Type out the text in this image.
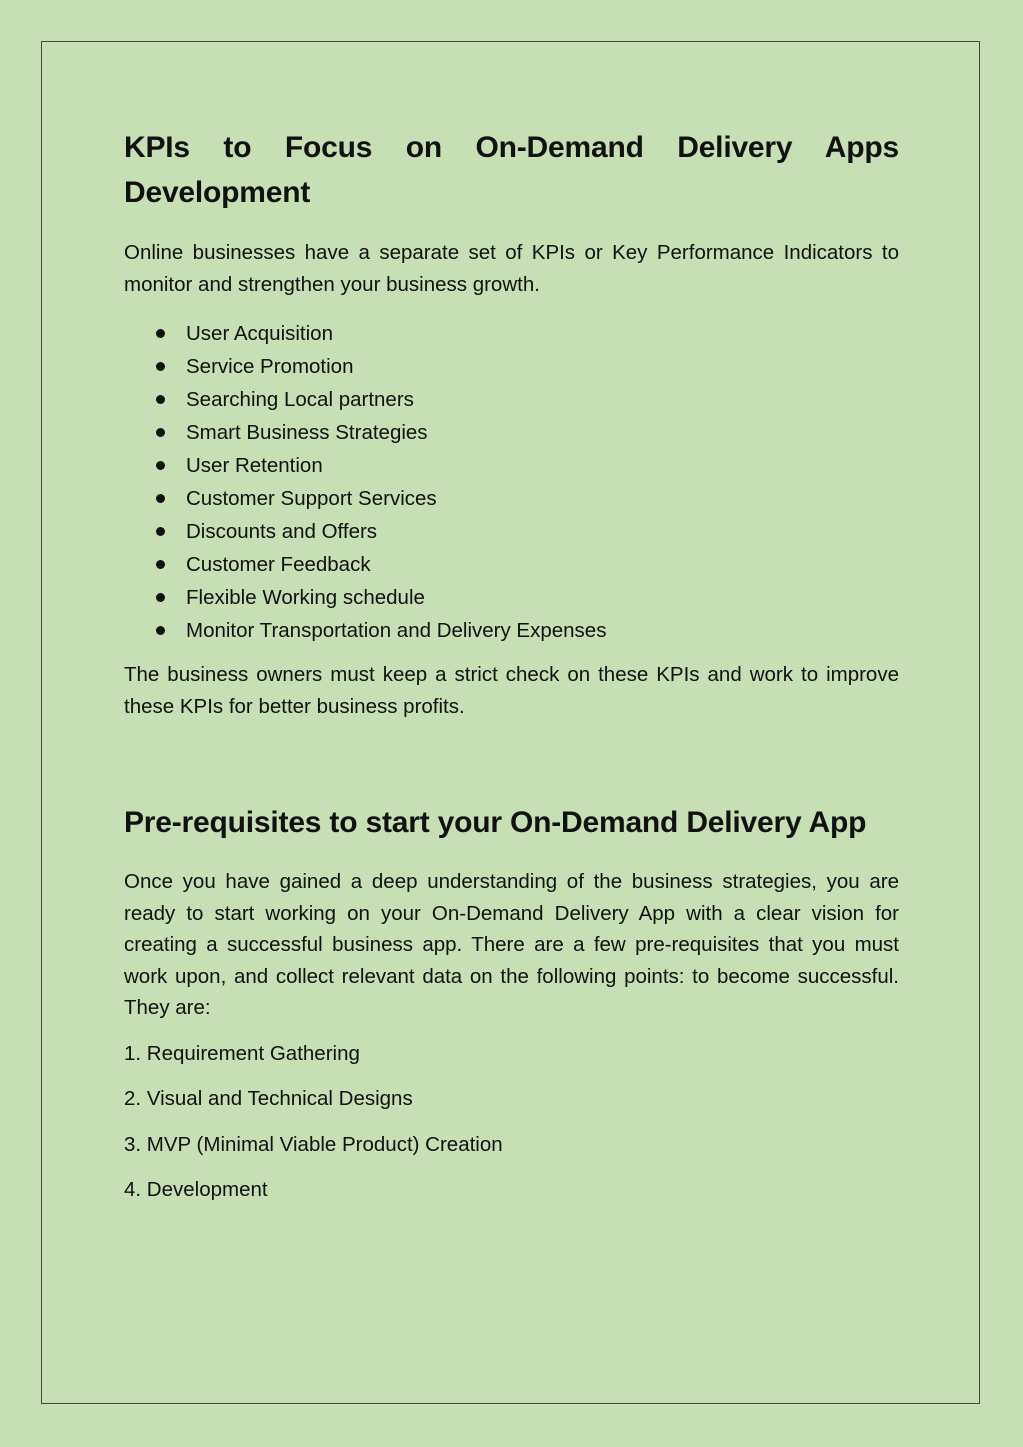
KPIs to Focus on On-Demand Delivery Apps
Development

Online businesses have a separate set of KPIs or Key Performance Indicators to monitor and strengthen your business growth.

User Acquisition
Service Promotion
Searching Local partners
Smart Business Strategies
User Retention
Customer Support Services
Discounts and Offers
Customer Feedback
Flexible Working schedule
Monitor Transportation and Delivery Expenses

The business owners must keep a strict check on these KPIs and work to improve these KPIs for better business profits.

Pre-requisites to start your On-Demand Delivery App

Once you have gained a deep understanding of the business strategies, you are ready to start working on your On-Demand Delivery App with a clear vision for creating a successful business app. There are a few pre-requisites that you must work upon, and collect relevant data on the following points: to become successful. They are:

1. Requirement Gathering

2. Visual and Technical Designs

3. MVP (Minimal Viable Product) Creation

4. Development
